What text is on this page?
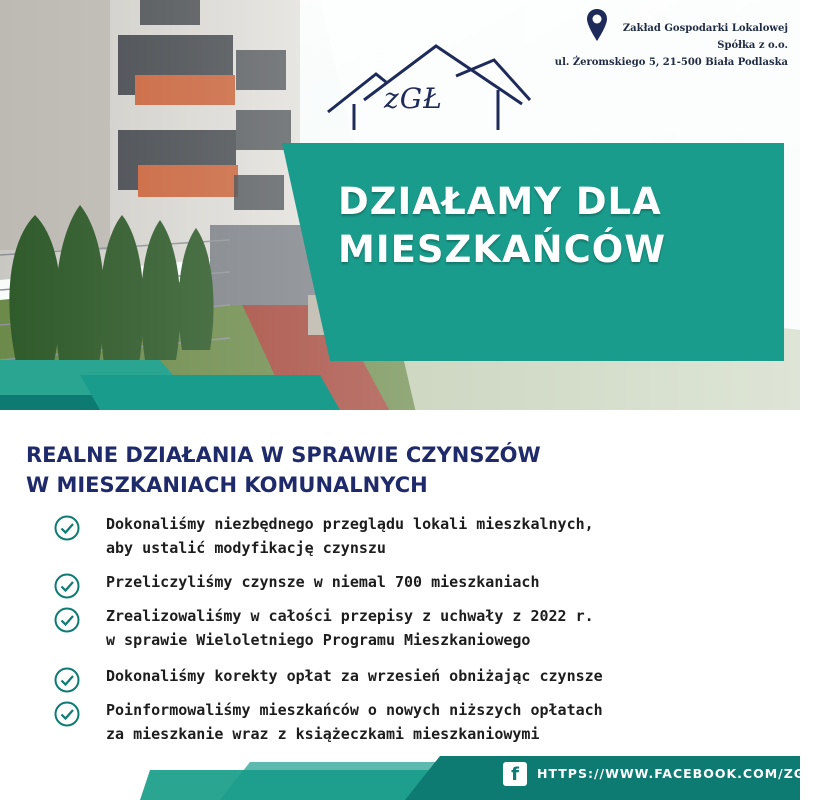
Zakład Gospodarki Lokalowej
Spółka z o.o.
ul. Żeromskiego 5, 21-500 Biała Podlaska
zGŁ
DZIAŁAMY DLA
MIESZKAŃCÓW
REALNE DZIAŁANIA W SPRAWIE CZYNSZÓW
W MIESZKANIACH KOMUNALNYCH
Dokonaliśmy niezbędnego przeglądu lokali mieszkalnych,
aby ustalić modyfikację czynszu
Przeliczyliśmy czynsze w niemal 700 mieszkaniach
Zrealizowaliśmy w całości przepisy z uchwały z 2022 r.
w sprawie Wieloletniego Programu Mieszkaniowego
Dokonaliśmy korekty opłat za wrzesień obniżając czynsze
Poinformowaliśmy mieszkańców o nowych niższych opłatach
za mieszkanie wraz z książeczkami mieszkaniowymi
f	HTTPS://WWW.FACEBOOK.COM/ZGLBP
